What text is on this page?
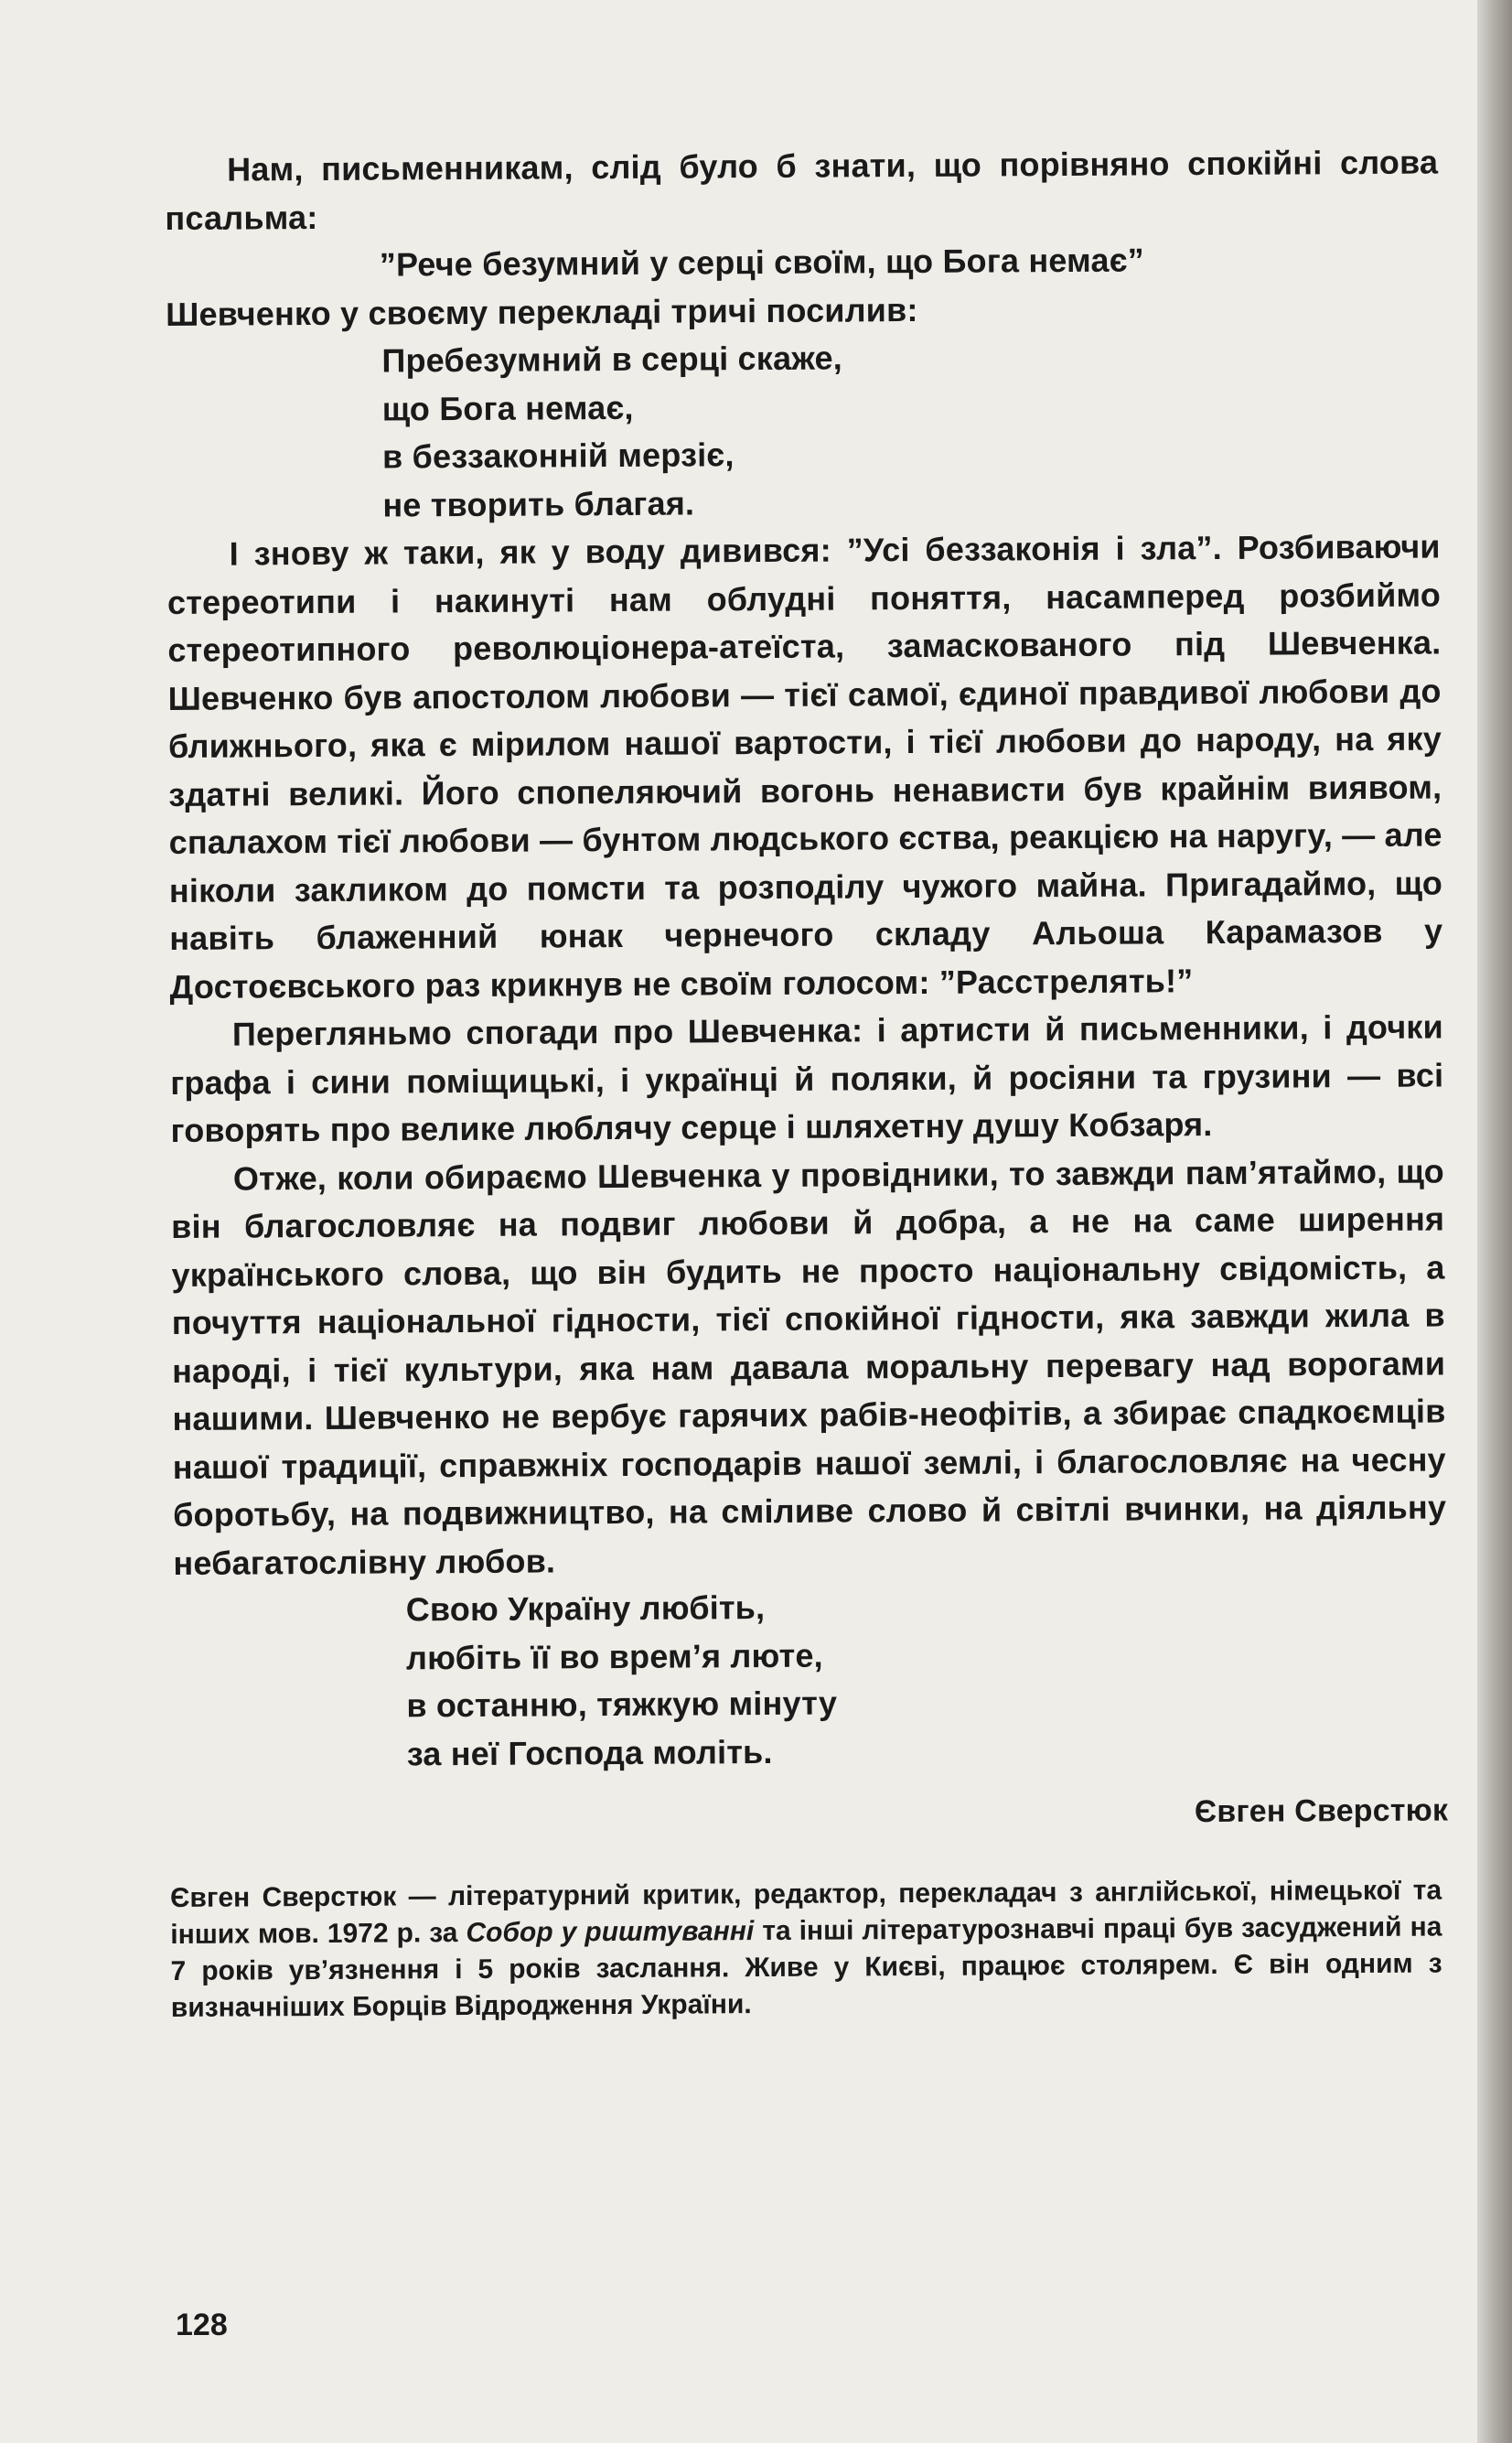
Нам, письменникам, слід було б знати, що порівняно спокійні слова псальма:

”Рече безумний у серці своїм, що Бога немає”

Шевченко у своєму перекладі тричі посилив:

Пребезумний в серці скаже,
що Бога немає,
в беззаконній мерзіє,
не творить благая.

І знову ж таки, як у воду дивився: ”Усі беззаконія і зла”. Розбиваючи стереотипи і накинуті нам облудні поняття, насамперед розбиймо стереотипного революціонера-атеїста, замаскованого під Шевченка. Шевченко був апостолом любови — тієї самої, єдиної правдивої любови до ближнього, яка є мірилом нашої вартости, і тієї любови до народу, на яку здатні великі. Його спопеляючий вогонь ненависти був крайнім виявом, спалахом тієї любови — бунтом людського єства, реакцією на наругу, — але ніколи закликом до помсти та розподілу чужого майна. Пригадаймо, що навіть блаженний юнак чернечого складу Альоша Карамазов у Достоєвського раз крикнув не своїм голосом: ”Расстрелять!”

Перегляньмо спогади про Шевченка: і артисти й письменники, і дочки графа і сини поміщицькі, і українці й поляки, й росіяни та грузини — всі говорять про велике люблячу серце і шляхетну душу Кобзаря.

Отже, коли обираємо Шевченка у провідники, то завжди пам’ятаймо, що він благословляє на подвиг любови й добра, а не на саме ширення українського слова, що він будить не просто національну свідомість, а почуття національної гідности, тієї спокійної гідности, яка завжди жила в народі, і тієї культури, яка нам давала моральну перевагу над ворогами нашими. Шевченко не вербує гарячих рабів-неофітів, а збирає спадкоємців нашої традиції, справжніх господарів нашої землі, і благословляє на чесну боротьбу, на подвижництво, на сміливе слово й світлі вчинки, на діяльну небагатослівну любов.

Свою Україну любіть,
любіть її во врем’я люте,
в останню, тяжкую мінуту
за неї Господа моліть.

Євген Сверстюк

Євген Сверстюк — літературний критик, редактор, перекладач з англійської, німецької та інших мов. 1972 р. за Собор у риштуванні та інші літературознавчі праці був засуджений на 7 років ув’язнення і 5 років заслання. Живе у Києві, працює столярем. Є він одним з визначніших Борців Відродження України.
128
